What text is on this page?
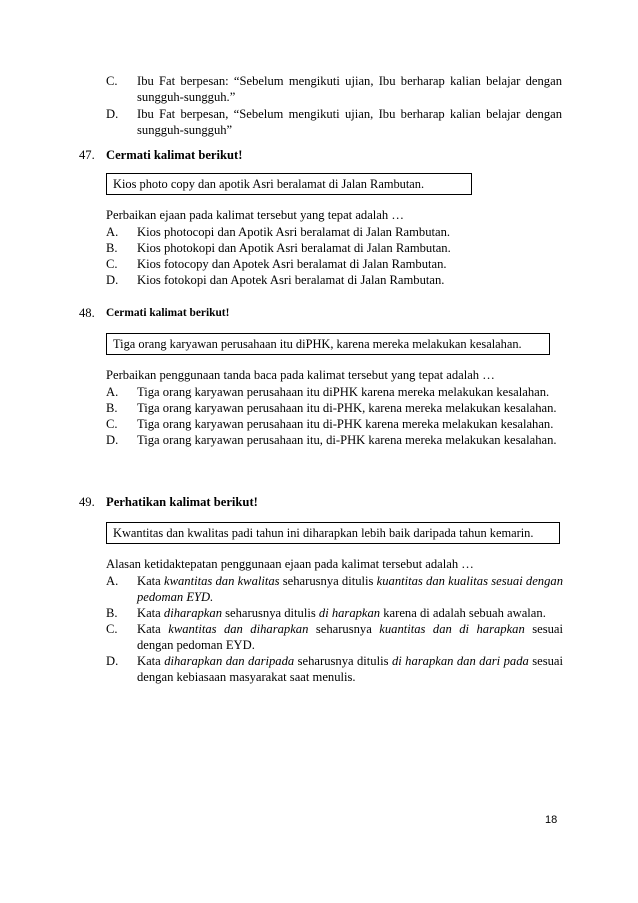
C.	Ibu Fat berpesan: “Sebelum mengikuti ujian, Ibu berharap kalian belajar dengan sungguh-sungguh.”
D.	Ibu Fat berpesan, “Sebelum mengikuti ujian, Ibu berharap kalian belajar dengan sungguh-sungguh”
47. Cermati kalimat berikut!
Kios photo copy dan apotik Asri beralamat di Jalan Rambutan.
Perbaikan ejaan pada kalimat tersebut yang tepat adalah …
A.	Kios photocopi dan Apotik Asri beralamat di Jalan Rambutan.
B.	Kios photokopi dan Apotik Asri beralamat di Jalan Rambutan.
C.	Kios fotocopy dan Apotek Asri beralamat di Jalan Rambutan.
D.	Kios fotokopi dan Apotek Asri beralamat di Jalan Rambutan.
48. Cermati kalimat berikut!
Tiga orang karyawan perusahaan itu diPHK, karena mereka melakukan kesalahan.
Perbaikan penggunaan tanda baca pada kalimat tersebut yang tepat adalah …
A.	Tiga orang karyawan perusahaan itu diPHK karena mereka melakukan kesalahan.
B.	Tiga orang karyawan perusahaan itu di-PHK, karena mereka melakukan kesalahan.
C.	Tiga orang karyawan perusahaan itu di-PHK karena mereka melakukan kesalahan.
D.	Tiga orang karyawan perusahaan itu, di-PHK karena mereka melakukan kesalahan.
49. Perhatikan kalimat berikut!
Kwantitas dan kwalitas padi tahun ini diharapkan lebih baik daripada tahun kemarin.
Alasan ketidaktepatan penggunaan ejaan pada kalimat tersebut adalah …
A.	Kata kwantitas dan kwalitas seharusnya ditulis kuantitas dan kualitas sesuai dengan pedoman EYD.
B.	Kata diharapkan seharusnya ditulis di harapkan karena di adalah sebuah awalan.
C.	Kata kwantitas dan diharapkan seharusnya kuantitas dan di harapkan sesuai dengan pedoman EYD.
D.	Kata diharapkan dan daripada seharusnya ditulis di harapkan dan dari pada sesuai dengan kebiasaan masyarakat saat menulis.
18
